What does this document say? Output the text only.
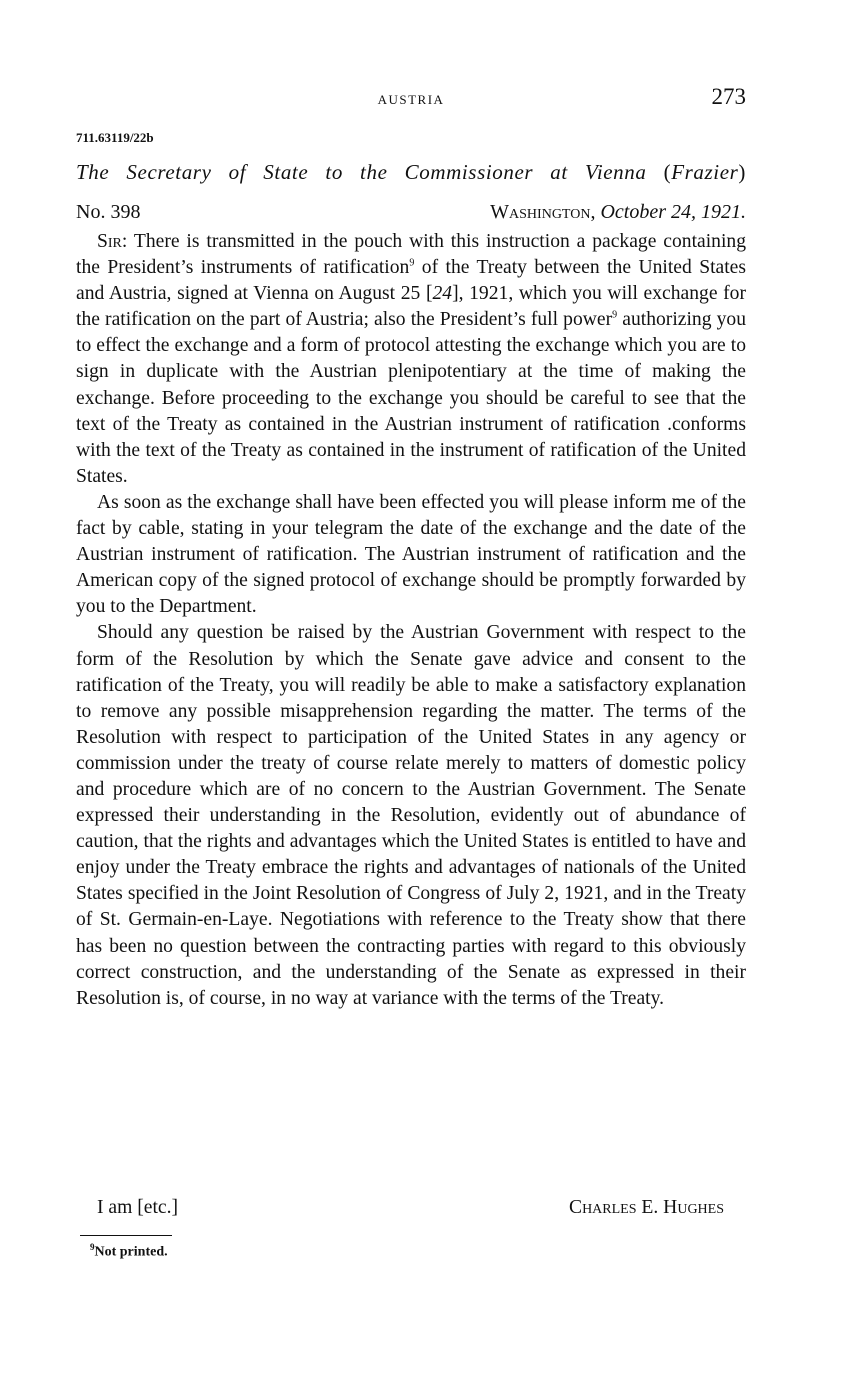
AUSTRIA	273
711.63119/22b
The Secretary of State to the Commissioner at Vienna (Frazier)
No. 398	Washington, October 24, 1921.

Sir: There is transmitted in the pouch with this instruction a package containing the President’s instruments of ratification$^9$ of the Treaty between the United States and Austria, signed at Vienna on August 25 [24], 1921, which you will exchange for the ratification on the part of Austria; also the President’s full power$^9$ authorizing you to effect the exchange and a form of protocol attesting the exchange which you are to sign in duplicate with the Austrian plenipotentiary at the time of making the exchange. Before proceeding to the exchange you should be careful to see that the text of the Treaty as contained in the Austrian instrument of ratification .conforms with the text of the Treaty as contained in the instrument of ratification of the United States.

As soon as the exchange shall have been effected you will please inform me of the fact by cable, stating in your telegram the date of the exchange and the date of the Austrian instrument of ratification. The Austrian instrument of ratification and the American copy of the signed protocol of exchange should be promptly forwarded by you to the Department.

Should any question be raised by the Austrian Government with respect to the form of the Resolution by which the Senate gave advice and consent to the ratification of the Treaty, you will readily be able to make a satisfactory explanation to remove any possible misapprehension regarding the matter. The terms of the Resolution with respect to participation of the United States in any agency or commission under the treaty of course relate merely to matters of domestic policy and procedure which are of no concern to the Austrian Government. The Senate expressed their understanding in the Resolution, evidently out of abundance of caution, that the rights and advantages which the United States is entitled to have and enjoy under the Treaty embrace the rights and advantages of nationals of the United States specified in the Joint Resolution of Congress of July 2, 1921, and in the Treaty of St. Germain-en-Laye. Negotiations with reference to the Treaty show that there has been no question between the contracting parties with regard to this obviously correct construction, and the understanding of the Senate as expressed in their Resolution is, of course, in no way at variance with the terms of the Treaty.

I am [etc.]	Charles E. Hughes
$^9$Not printed.
